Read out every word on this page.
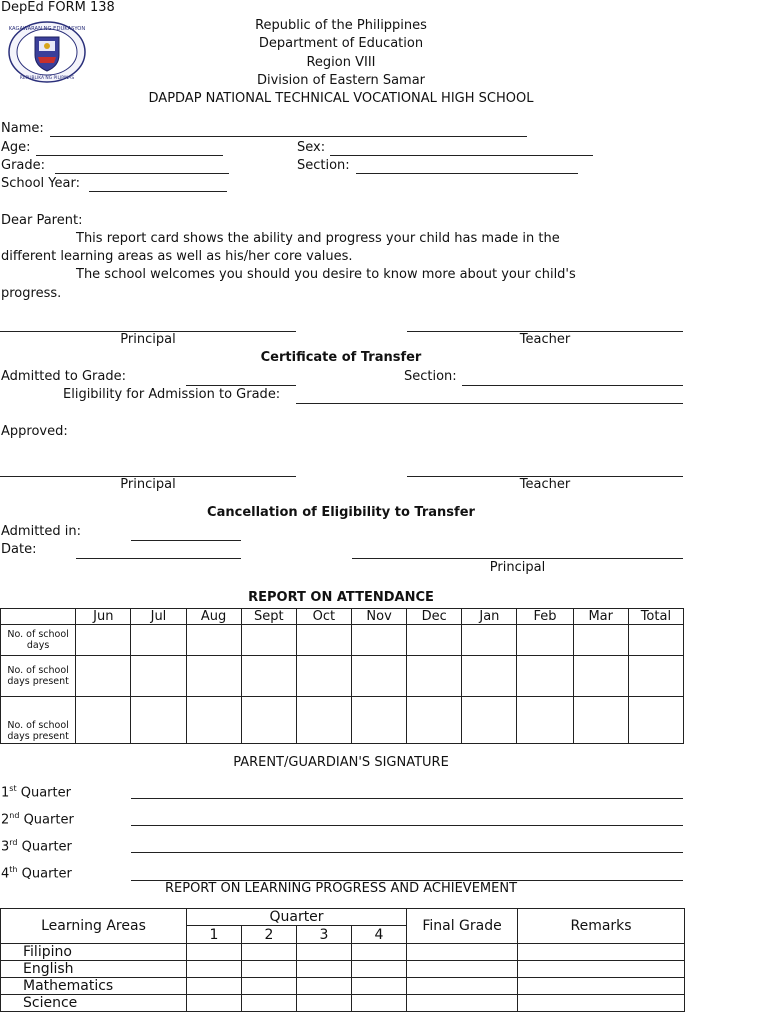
DepEd FORM 138
KAGAWARAN NG EDUKASYON
REPUBLIKA NG PILIPINAS
Republic of the Philippines
Department of Education
Region VIII
Division of Eastern Samar
DAPDAP NATIONAL TECHNICAL VOCATIONAL HIGH SCHOOL
Name:
Age:	Sex:
Grade:	Section:
School Year:
Dear Parent:
This report card shows the ability and progress your child has made in the
different learning areas as well as his/her core values.
The school welcomes you should you desire to know more about your child's
progress.
Principal	Teacher
Certificate of Transfer
Admitted to Grade:	Section:
Eligibility for Admission to Grade:
Approved:
Principal	Teacher
Cancellation of Eligibility to Transfer
Admitted in:
Date:
Principal
REPORT ON ATTENDANCE
	Jun	Jul	Aug	Sept	Oct	Nov	Dec	Jan	Feb	Mar	Total
No. of school days											
No. of school days present											
No. of school days present											
PARENT/GUARDIAN'S SIGNATURE
1st Quarter
2nd Quarter
3rd Quarter
4th Quarter
REPORT ON LEARNING PROGRESS AND ACHIEVEMENT
Learning Areas	Quarter				Final Grade	Remarks
	1	2	3	4		
Filipino						
English						
Mathematics						
Science						
